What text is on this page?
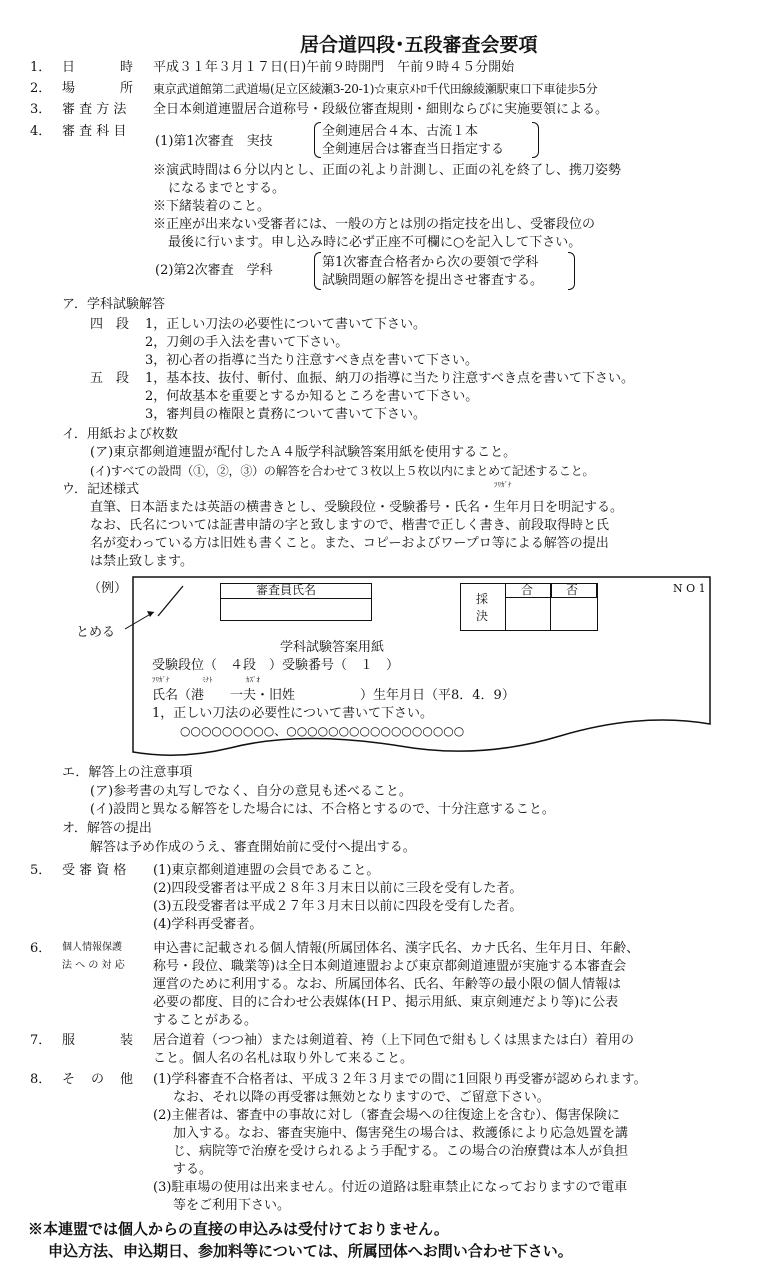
居合道四段･五段審査会要項
1． 日	時 平成３１年３月１７日(日)午前９時開門　午前９時４５分開始
2． 場	所 東京武道館第二武道場(足立区綾瀬3-20-1)☆東京ﾒﾄﾛ千代田線綾瀬駅東口下車徒歩5分
3． 審 査 方 法 全日本剣道連盟居合道称号・段級位審査規則・細則ならびに実施要領による。
4． 審 査 科 目
(1)第1次審査　実技
全剣連居合４本、古流１本
全剣連居合は審査当日指定する
※演武時間は６分以内とし、正面の礼より計測し、正面の礼を終了し、携刀姿勢
になるまでとする。
※下緒装着のこと。
※正座が出来ない受審者には、一般の方とは別の指定技を出し、受審段位の
最後に行います。申し込み時に必ず正座不可欄に○を記入して下さい。
(2)第2次審査　学科
第1次審査合格者から次の要領で学科
試験問題の解答を提出させ審査する。
ア．学科試験解答
四　段 1，正しい刀法の必要性について書いて下さい。
2，刀剣の手入法を書いて下さい。
3，初心者の指導に当たり注意すべき点を書いて下さい。
五　段 1，基本技、抜付、斬付、血振、納刀の指導に当たり注意すべき点を書いて下さい。
2，何故基本を重要とするか知るところを書いて下さい。
3，審判員の権限と責務について書いて下さい。
イ．用紙および枚数
(ア)東京都剣道連盟が配付したＡ４版学科試験答案用紙を使用すること。
(イ)すべての設問（①，②，③）の解答を合わせて３枚以上５枚以内にまとめて記述すること。
ウ．記述様式	ﾌﾘｶﾞﾅ
直筆、日本語または英語の横書きとし、受験段位・受験番号・氏名・生年月日を明記する。
なお、氏名については証書申請の字と致しますので、楷書で正しく書き、前段取得時と氏
名が変わっている方は旧姓も書くこと。また、コピーおよびワープロ等による解答の提出
は禁止致します。
（例）
とめる
審査員氏名
採
決
合	否	N O 1
学科試験答案用紙
受験段位（　４段　）受験番号（　１　）
ﾌﾘｶﾞﾅ	ﾐﾅﾄ	ｶｽﾞｵ
氏名（港　　一夫・旧姓　　　　　）生年月日（平8．4．9）
1，正しい刀法の必要性について書いて下さい。
○○○○○○○○○、○○○○○○○○○○○○○○○○○
エ．解答上の注意事項
(ア)参考書の丸写しでなく、自分の意見も述べること。
(イ)設問と異なる解答をした場合には、不合格とするので、十分注意すること。
オ．解答の提出
解答は予め作成のうえ、審査開始前に受付へ提出する。
5． 受 審 資 格 (1)東京都剣道連盟の会員であること。
(2)四段受審者は平成２８年３月末日以前に三段を受有した者。
(3)五段受審者は平成２７年３月末日以前に四段を受有した者。
(4)学科再受審者。
6． 個人情報保護
法 へ の 対 応
申込書に記載される個人情報(所属団体名、漢字氏名、カナ氏名、生年月日、年齢、
称号・段位、職業等)は全日本剣道連盟および東京都剣道連盟が実施する本審査会
運営のために利用する。なお、所属団体名、氏名、年齢等の最小限の個人情報は
必要の都度、目的に合わせ公表媒体(ＨＰ、掲示用紙、東京剣連だより等)に公表
することがある。
7． 服	装 居合道着（つつ袖）または剣道着、袴（上下同色で紺もしくは黒または白）着用の
こと。個人名の名札は取り外して来ること。
8． そ の 他 (1)学科審査不合格者は、平成３２年３月までの間に1回限り再受審が認められます。
なお、それ以降の再受審は無効となりますので、ご留意下さい。
(2)主催者は、審査中の事故に対し（審査会場への往復途上を含む）、傷害保険に
加入する。なお、審査実施中、傷害発生の場合は、救護係により応急処置を講
じ、病院等で治療を受けられるよう手配する。この場合の治療費は本人が負担
する。
(3)駐車場の使用は出来ません。付近の道路は駐車禁止になっておりますので電車
等をご利用下さい。
※本連盟では個人からの直接の申込みは受付けておりません。
申込方法、申込期日、参加料等については、所属団体へお問い合わせ下さい。
